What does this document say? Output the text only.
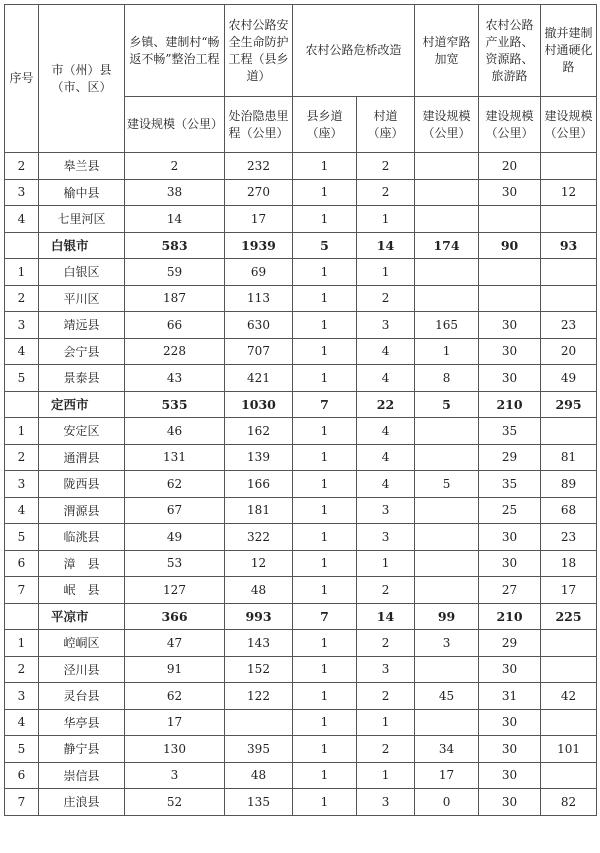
序号	市（州）县（市、区）	乡镇、建制村“畅返不畅”整治工程	农村公路安全生命防护工程（县乡道）	农村公路危桥改造		村道窄路加宽	农村公路产业路、资源路、旅游路	撤并建制村通硬化路
		建设规模（公里）	处治隐患里程（公里）	县乡道（座）	村道（座）	建设规模（公里）	建设规模（公里）	建设规模（公里）
2	皋兰县	2	232	1	2		20	
3	榆中县	38	270	1	2		30	12
4	七里河区	14	17	1	1			
	白银市	583	1939	5	14	174	90	93
1	白银区	59	69	1	1			
2	平川区	187	113	1	2			
3	靖远县	66	630	1	3	165	30	23
4	会宁县	228	707	1	4	1	30	20
5	景泰县	43	421	1	4	8	30	49
	定西市	535	1030	7	22	5	210	295
1	安定区	46	162	1	4		35	
2	通渭县	131	139	1	4		29	81
3	陇西县	62	166	1	4	5	35	89
4	渭源县	67	181	1	3		25	68
5	临洮县	49	322	1	3		30	23
6	漳　县	53	12	1	1		30	18
7	岷　县	127	48	1	2		27	17
	平凉市	366	993	7	14	99	210	225
1	崆峒区	47	143	1	2	3	29	
2	泾川县	91	152	1	3		30	
3	灵台县	62	122	1	2	45	31	42
4	华亭县	17		1	1		30	
5	静宁县	130	395	1	2	34	30	101
6	崇信县	3	48	1	1	17	30	
7	庄浪县	52	135	1	3	0	30	82
